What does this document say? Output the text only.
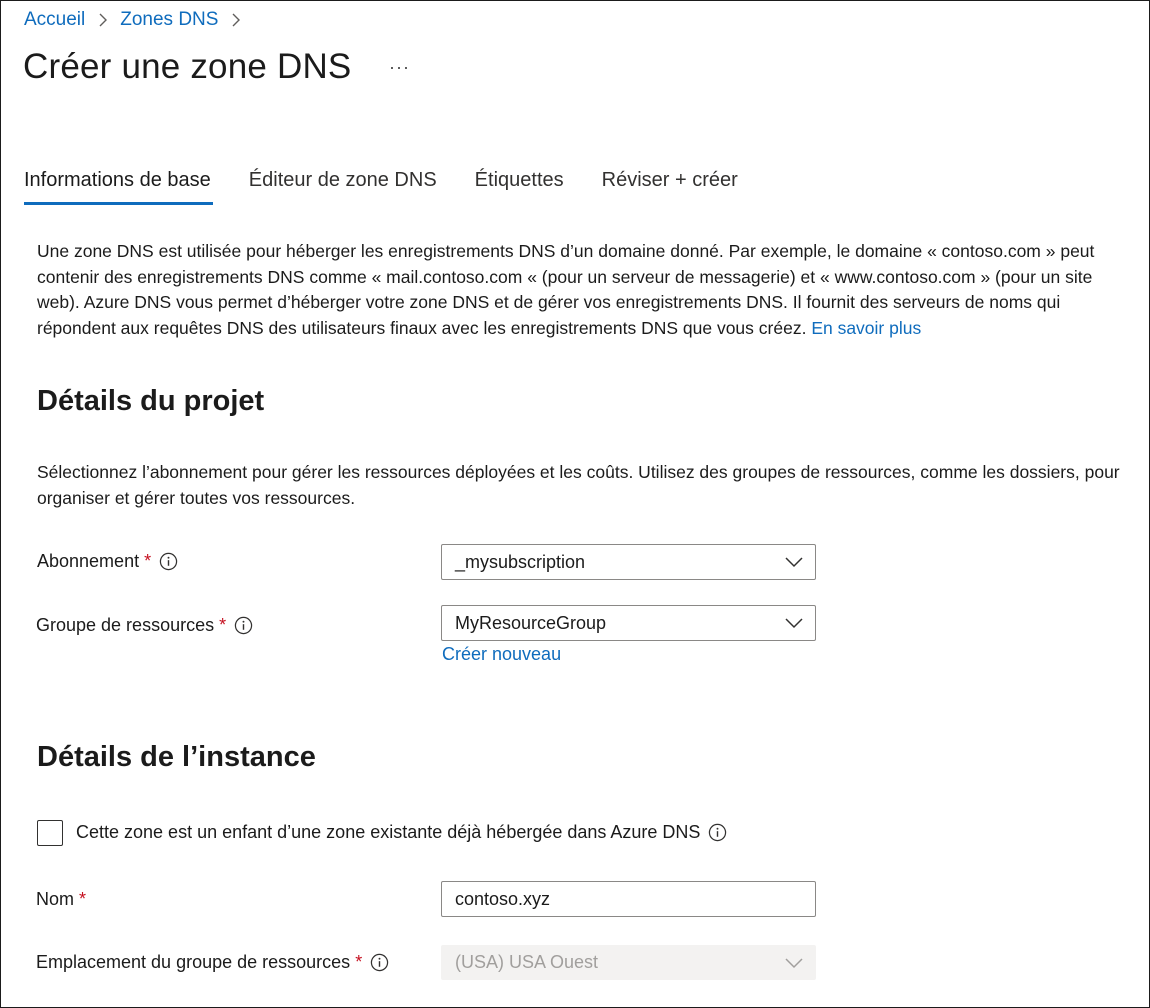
Accueil Zones DNS
Créer une zone DNS ···
Informations de base Éditeur de zone DNS Étiquettes Réviser + créer

Une zone DNS est utilisée pour héberger les enregistrements DNS d’un domaine donné. Par exemple, le domaine « contoso.com » peut contenir des enregistrements DNS comme « mail.contoso.com « (pour un serveur de messagerie) et « www.contoso.com » (pour un site web). Azure DNS vous permet d’héberger votre zone DNS et de gérer vos enregistrements DNS. Il fournit des serveurs de noms qui répondent aux requêtes DNS des utilisateurs finaux avec les enregistrements DNS que vous créez. En savoir plus

Détails du projet

Sélectionnez l’abonnement pour gérer les ressources déployées et les coûts. Utilisez des groupes de ressources, comme les dossiers, pour organiser et gérer toutes vos ressources.

Abonnement *	_mysubscription
Groupe de ressources *	MyResourceGroup
Créer nouveau
Détails de l’instance
Cette zone est un enfant d’une zone existante déjà hébergée dans Azure DNS
Nom *	contoso.xyz
Emplacement du groupe de ressources *	(USA) USA Ouest
